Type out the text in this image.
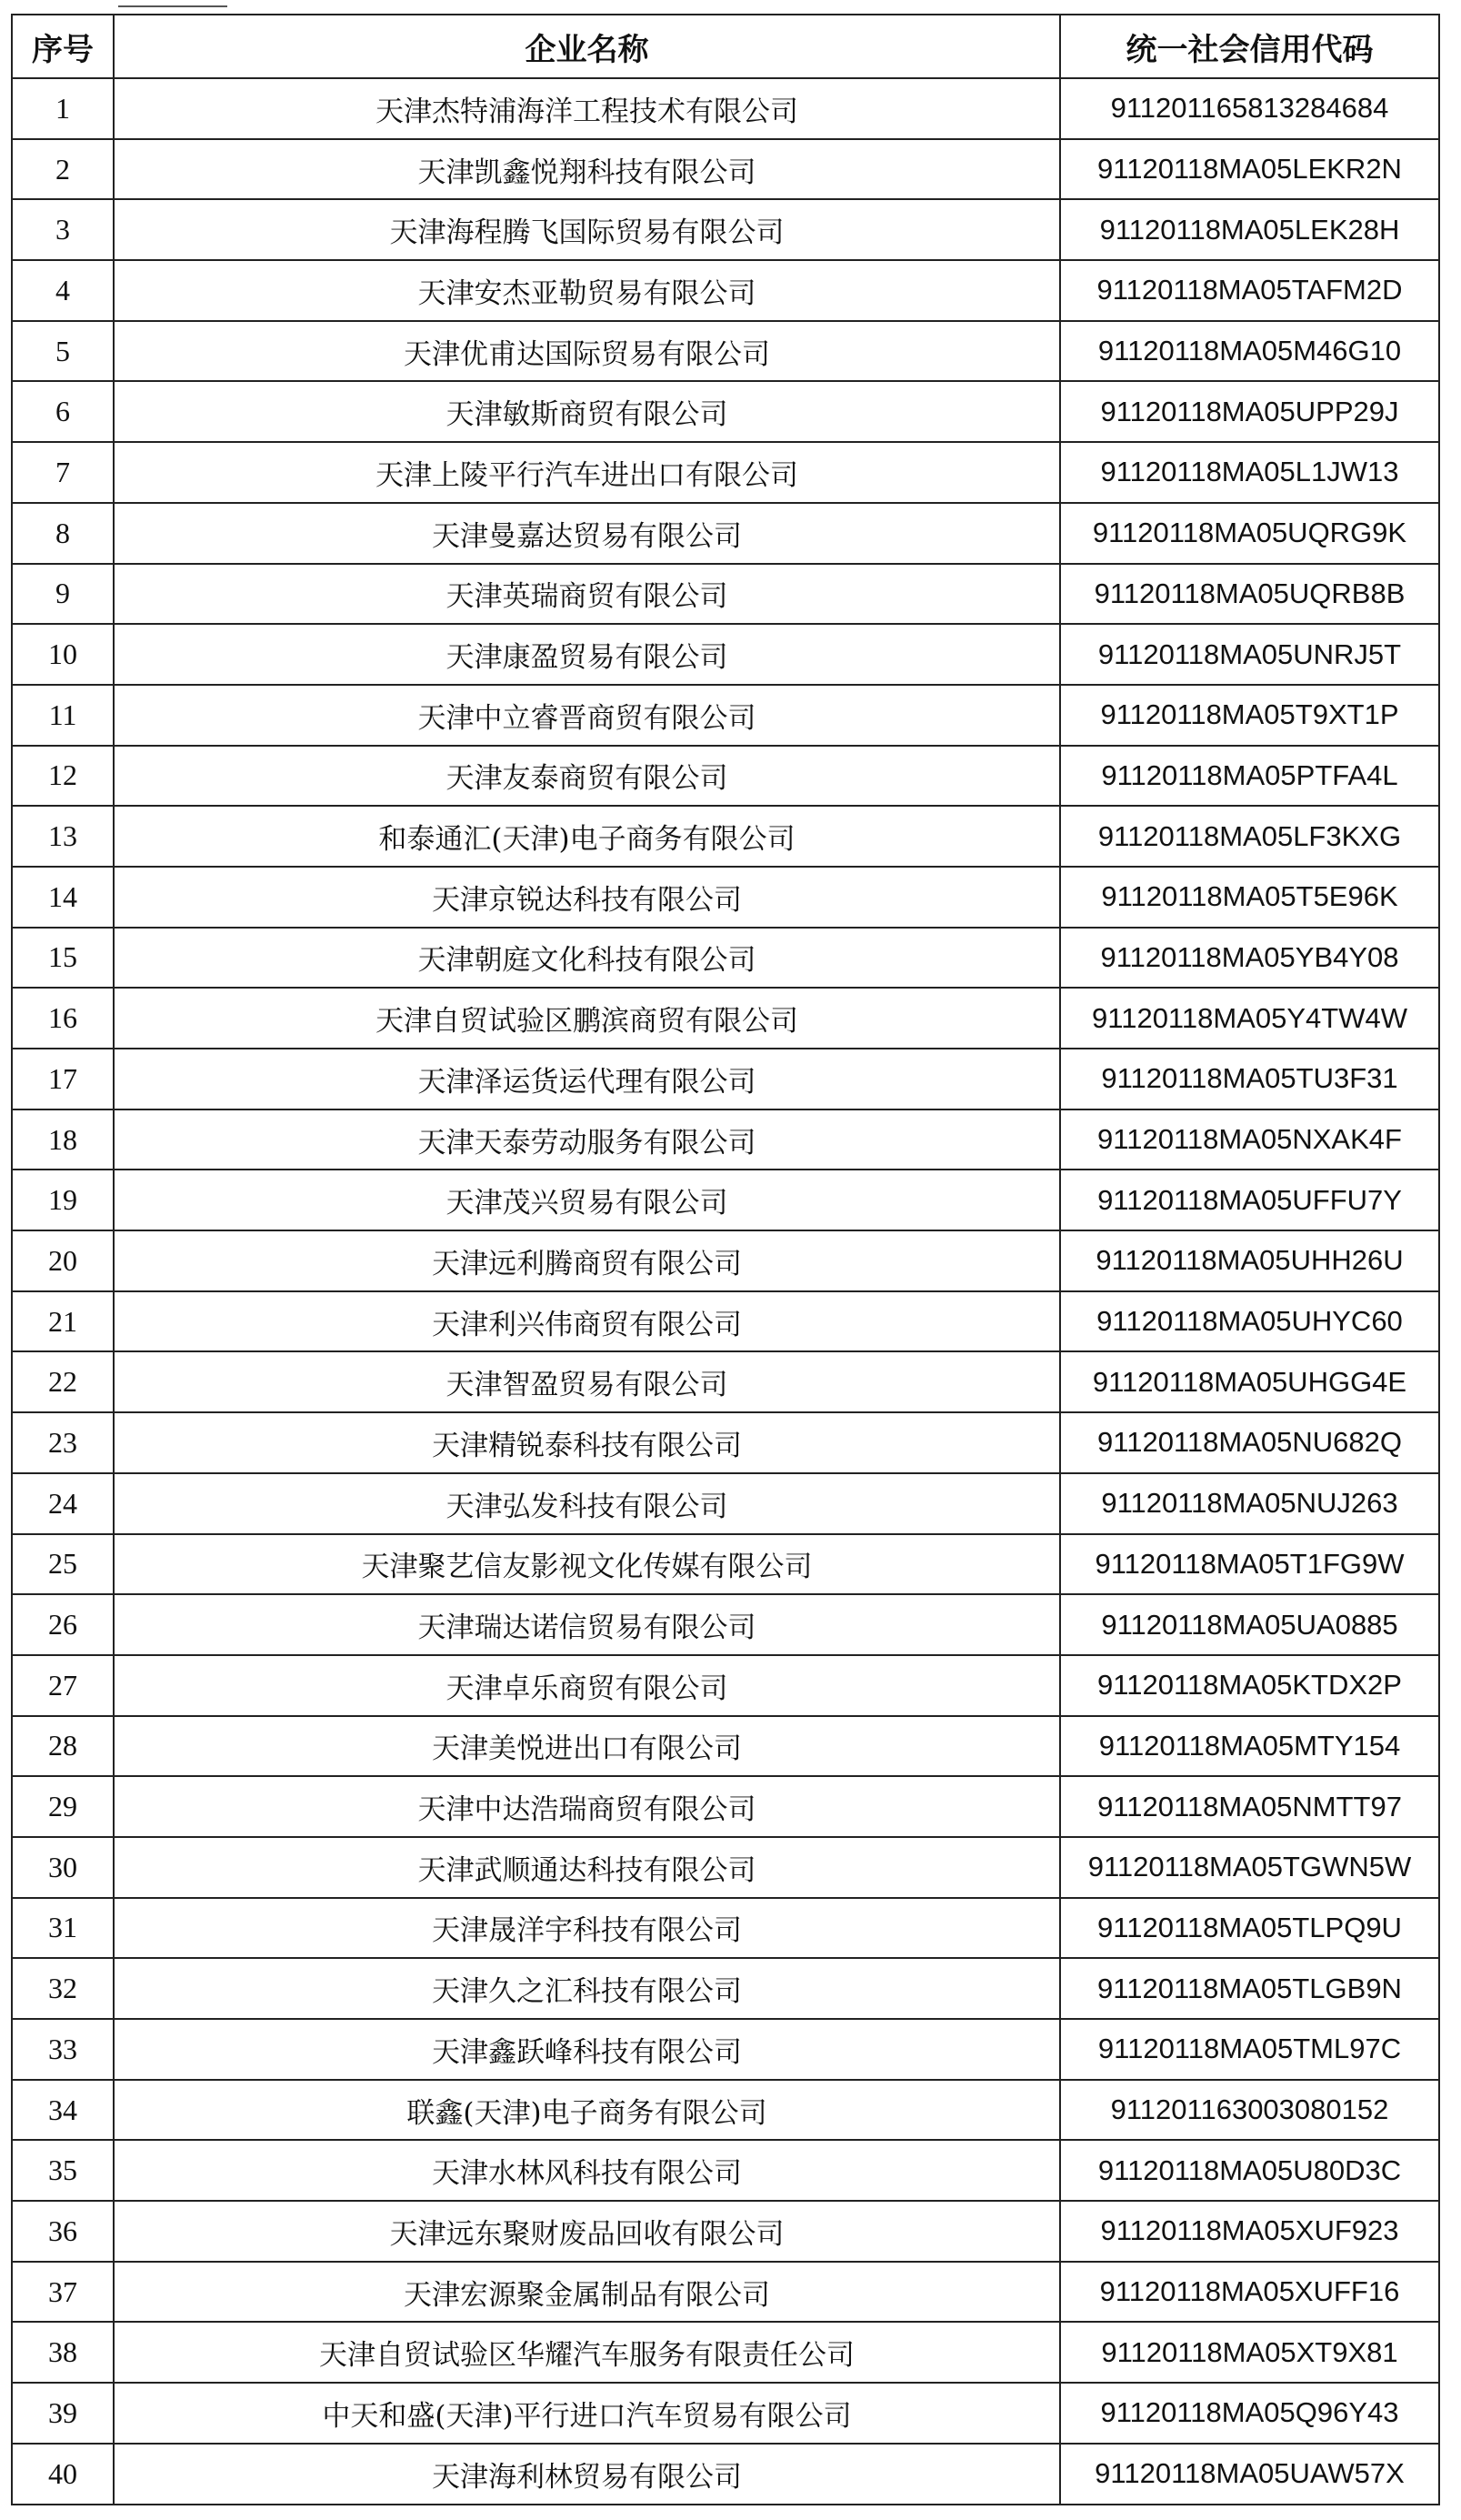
序号	企业名称	统一社会信用代码
1	天津杰特浦海洋工程技术有限公司	911201165813284684
2	天津凯鑫悦翔科技有限公司	91120118MA05LEKR2N
3	天津海程腾飞国际贸易有限公司	91120118MA05LEK28H
4	天津安杰亚勒贸易有限公司	91120118MA05TAFM2D
5	天津优甫达国际贸易有限公司	91120118MA05M46G10
6	天津敏斯商贸有限公司	91120118MA05UPP29J
7	天津上陵平行汽车进出口有限公司	91120118MA05L1JW13
8	天津曼嘉达贸易有限公司	91120118MA05UQRG9K
9	天津英瑞商贸有限公司	91120118MA05UQRB8B
10	天津康盈贸易有限公司	91120118MA05UNRJ5T
11	天津中立睿晋商贸有限公司	91120118MA05T9XT1P
12	天津友泰商贸有限公司	91120118MA05PTFA4L
13	和泰通汇(天津)电子商务有限公司	91120118MA05LF3KXG
14	天津京锐达科技有限公司	91120118MA05T5E96K
15	天津朝庭文化科技有限公司	91120118MA05YB4Y08
16	天津自贸试验区鹏滨商贸有限公司	91120118MA05Y4TW4W
17	天津泽运货运代理有限公司	91120118MA05TU3F31
18	天津天泰劳动服务有限公司	91120118MA05NXAK4F
19	天津茂兴贸易有限公司	91120118MA05UFFU7Y
20	天津远利腾商贸有限公司	91120118MA05UHH26U
21	天津利兴伟商贸有限公司	91120118MA05UHYC60
22	天津智盈贸易有限公司	91120118MA05UHGG4E
23	天津精锐泰科技有限公司	91120118MA05NU682Q
24	天津弘发科技有限公司	91120118MA05NUJ263
25	天津聚艺信友影视文化传媒有限公司	91120118MA05T1FG9W
26	天津瑞达诺信贸易有限公司	91120118MA05UA0885
27	天津卓乐商贸有限公司	91120118MA05KTDX2P
28	天津美悦进出口有限公司	91120118MA05MTY154
29	天津中达浩瑞商贸有限公司	91120118MA05NMTT97
30	天津武顺通达科技有限公司	91120118MA05TGWN5W
31	天津晟洋宇科技有限公司	91120118MA05TLPQ9U
32	天津久之汇科技有限公司	91120118MA05TLGB9N
33	天津鑫跃峰科技有限公司	91120118MA05TML97C
34	联鑫(天津)电子商务有限公司	911201163003080152
35	天津水林风科技有限公司	91120118MA05U80D3C
36	天津远东聚财废品回收有限公司	91120118MA05XUF923
37	天津宏源聚金属制品有限公司	91120118MA05XUFF16
38	天津自贸试验区华耀汽车服务有限责任公司	91120118MA05XT9X81
39	中天和盛(天津)平行进口汽车贸易有限公司	91120118MA05Q96Y43
40	天津海利林贸易有限公司	91120118MA05UAW57X
